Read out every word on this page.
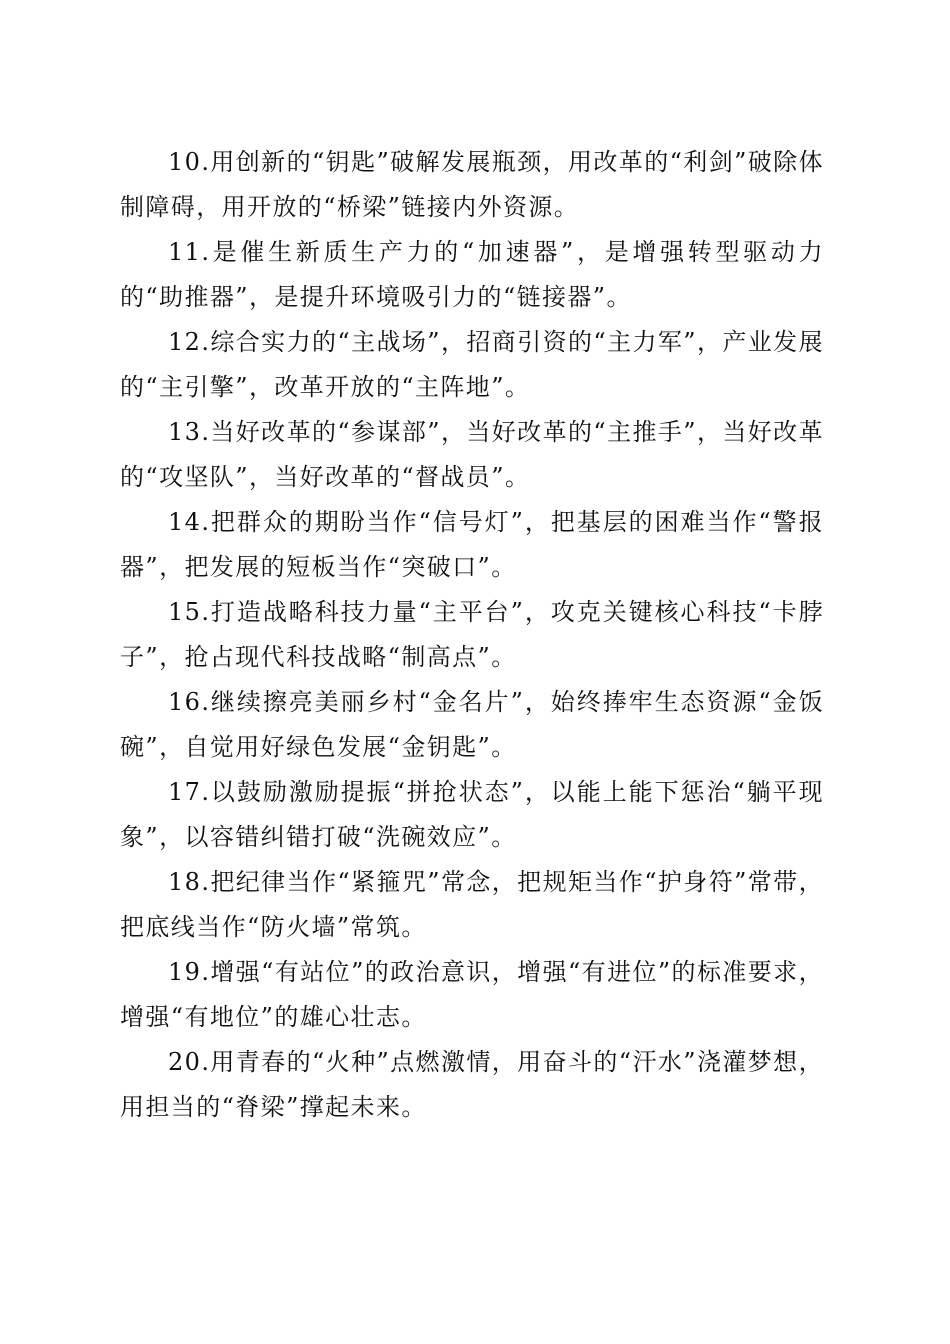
10.用创新的“钥匙”破解发展瓶颈，用改革的“利剑”破除体制障碍，用开放的“桥梁”链接内外资源。

11.是催生新质生产力的“加速器”，是增强转型驱动力的“助推器”，是提升环境吸引力的“链接器”。

12.综合实力的“主战场”，招商引资的“主力军”，产业发展的“主引擎”，改革开放的“主阵地”。

13.当好改革的“参谋部”，当好改革的“主推手”，当好改革的“攻坚队”，当好改革的“督战员”。

14.把群众的期盼当作“信号灯”，把基层的困难当作“警报器”，把发展的短板当作“突破口”。

15.打造战略科技力量“主平台”，攻克关键核心科技“卡脖子”，抢占现代科技战略“制高点”。

16.继续擦亮美丽乡村“金名片”，始终捧牢生态资源“金饭碗”，自觉用好绿色发展“金钥匙”。

17.以鼓励激励提振“拼抢状态”，以能上能下惩治“躺平现象”，以容错纠错打破“洗碗效应”。

18.把纪律当作“紧箍咒”常念，把规矩当作“护身符”常带，把底线当作“防火墙”常筑。

19.增强“有站位”的政治意识，增强“有进位”的标准要求，增强“有地位”的雄心壮志。

20.用青春的“火种”点燃激情，用奋斗的“汗水”浇灌梦想，用担当的“脊梁”撑起未来。
